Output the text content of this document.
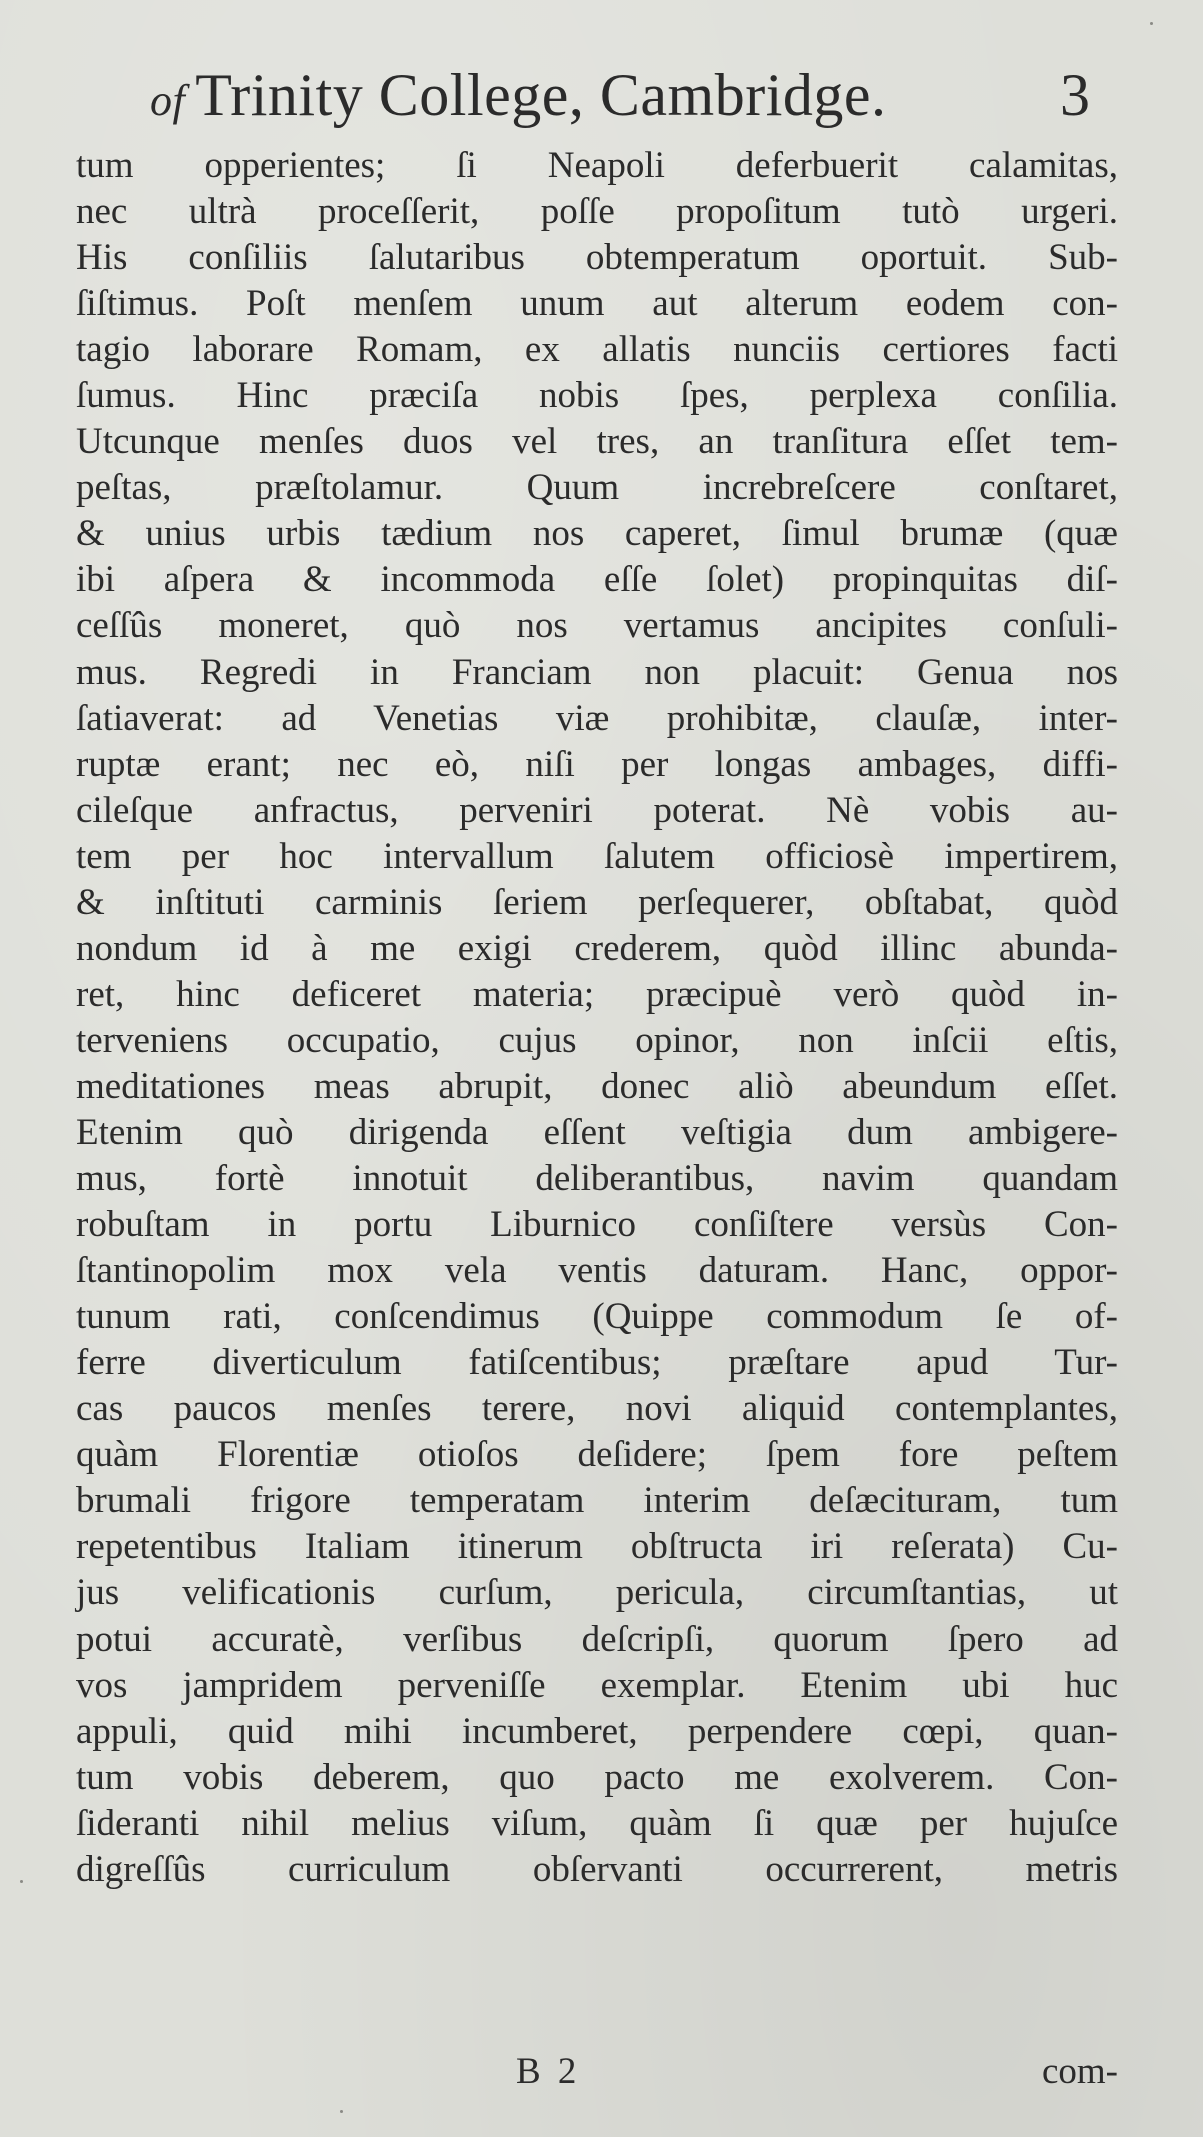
of Trinity College, Cambridge.	3
tum opperientes; ſi Neapoli deferbuerit calamitas,
nec ultrà proceſſerit, poſſe propoſitum tutò urgeri.
His conſiliis ſalutaribus obtemperatum oportuit. Sub-
ſiſtimus. Poſt menſem unum aut alterum eodem con-
tagio laborare Romam, ex allatis nunciis certiores facti
ſumus. Hinc præciſa nobis ſpes, perplexa conſilia.
Utcunque menſes duos vel tres, an tranſitura eſſet tem-
peſtas, præſtolamur. Quum increbreſcere conſtaret,
& unius urbis tædium nos caperet, ſimul brumæ (quæ
ibi aſpera & incommoda eſſe ſolet) propinquitas diſ-
ceſſûs moneret, quò nos vertamus ancipites conſuli-
mus. Regredi in Franciam non placuit: Genua nos
ſatiaverat: ad Venetias viæ prohibitæ, clauſæ, inter-
ruptæ erant; nec eò, niſi per longas ambages, diffi-
cileſque anfractus, perveniri poterat. Nè vobis au-
tem per hoc intervallum ſalutem officiosè impertirem,
& inſtituti carminis ſeriem perſequerer, obſtabat, quòd
nondum id à me exigi crederem, quòd illinc abunda-
ret, hinc deficeret materia; præcipuè verò quòd in-
terveniens occupatio, cujus opinor, non inſcii eſtis,
meditationes meas abrupit, donec aliò abeundum eſſet.
Etenim quò dirigenda eſſent veſtigia dum ambigere-
mus, fortè innotuit deliberantibus, navim quandam
robuſtam in portu Liburnico conſiſtere versùs Con-
ſtantinopolim mox vela ventis daturam. Hanc, oppor-
tunum rati, conſcendimus (Quippe commodum ſe of-
ferre diverticulum fatiſcentibus; præſtare apud Tur-
cas paucos menſes terere, novi aliquid contemplantes,
quàm Florentiæ otioſos deſidere; ſpem fore peſtem
brumali frigore temperatam interim deſæcituram, tum
repetentibus Italiam itinerum obſtructa iri reſerata) Cu-
jus velificationis curſum, pericula, circumſtantias, ut
potui accuratè, verſibus deſcripſi, quorum ſpero ad
vos jampridem perveniſſe exemplar. Etenim ubi huc
appuli, quid mihi incumberet, perpendere cœpi, quan-
tum vobis deberem, quo pacto me exolverem. Con-
ſideranti nihil melius viſum, quàm ſi quæ per hujuſce
digreſſûs curriculum obſervanti occurrerent, metris
B 2	com-
